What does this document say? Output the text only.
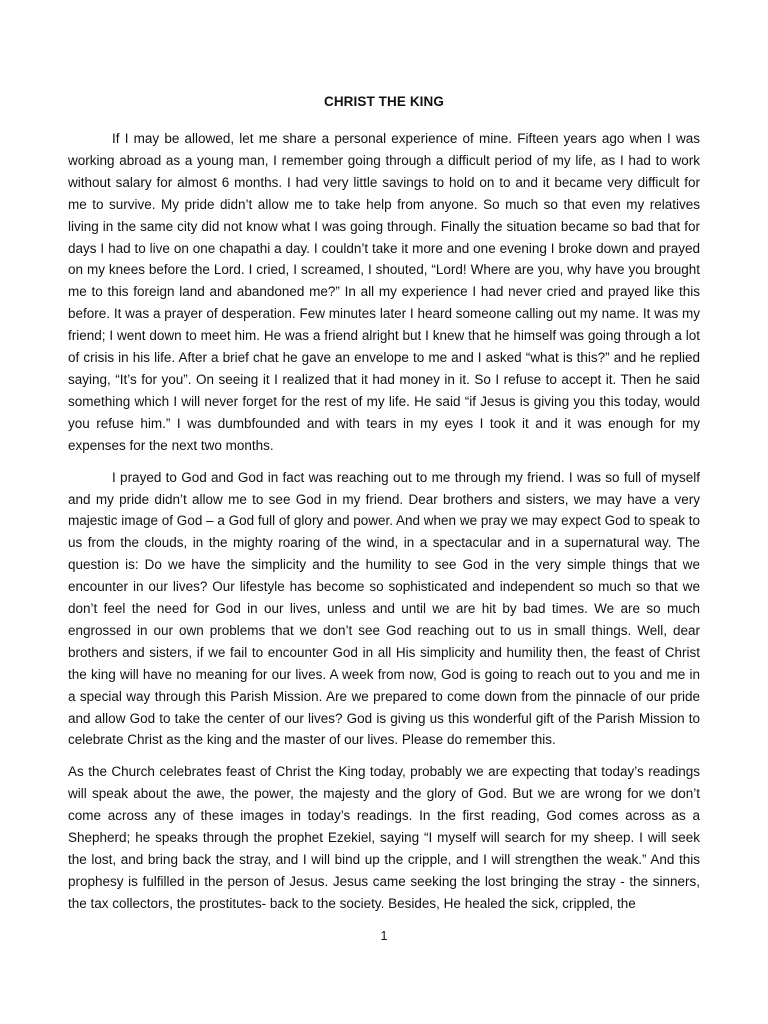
CHRIST THE KING

If I may be allowed, let me share a personal experience of mine. Fifteen years ago when I was working abroad as a young man, I remember going through a difficult period of my life, as I had to work without salary for almost 6 months. I had very little savings to hold on to and it became very difficult for me to survive. My pride didn’t allow me to take help from anyone. So much so that even my relatives living in the same city did not know what I was going through. Finally the situation became so bad that for days I had to live on one chapathi a day. I couldn’t take it more and one evening I broke down and prayed on my knees before the Lord. I cried, I screamed, I shouted, “Lord! Where are you, why have you brought me to this foreign land and abandoned me?” In all my experience I had never cried and prayed like this before. It was a prayer of desperation. Few minutes later I heard someone calling out my name. It was my friend; I went down to meet him. He was a friend alright but I knew that he himself was going through a lot of crisis in his life. After a brief chat he gave an envelope to me and I asked “what is this?” and he replied saying, “It’s for you”. On seeing it I realized that it had money in it. So I refuse to accept it. Then he said something which I will never forget for the rest of my life. He said “if Jesus is giving you this today, would you refuse him.” I was dumbfounded and with tears in my eyes I took it and it was enough for my expenses for the next two months.

I prayed to God and God in fact was reaching out to me through my friend. I was so full of myself and my pride didn’t allow me to see God in my friend. Dear brothers and sisters, we may have a very majestic image of God – a God full of glory and power. And when we pray we may expect God to speak to us from the clouds, in the mighty roaring of the wind, in a spectacular and in a supernatural way. The question is: Do we have the simplicity and the humility to see God in the very simple things that we encounter in our lives? Our lifestyle has become so sophisticated and independent so much so that we don’t feel the need for God in our lives, unless and until we are hit by bad times. We are so much engrossed in our own problems that we don’t see God reaching out to us in small things. Well, dear brothers and sisters, if we fail to encounter God in all His simplicity and humility then, the feast of Christ the king will have no meaning for our lives. A week from now, God is going to reach out to you and me in a special way through this Parish Mission. Are we prepared to come down from the pinnacle of our pride and allow God to take the center of our lives? God is giving us this wonderful gift of the Parish Mission to celebrate Christ as the king and the master of our lives. Please do remember this.

As the Church celebrates feast of Christ the King today, probably we are expecting that today’s readings will speak about the awe, the power, the majesty and the glory of God. But we are wrong for we don’t come across any of these images in today’s readings. In the first reading, God comes across as a Shepherd; he speaks through the prophet Ezekiel, saying “I myself will search for my sheep. I will seek the lost, and bring back the stray, and I will bind up the cripple, and I will strengthen the weak.” And this prophesy is fulfilled in the person of Jesus. Jesus came seeking the lost bringing the stray - the sinners, the tax collectors, the prostitutes- back to the society. Besides, He healed the sick, crippled, the

1
